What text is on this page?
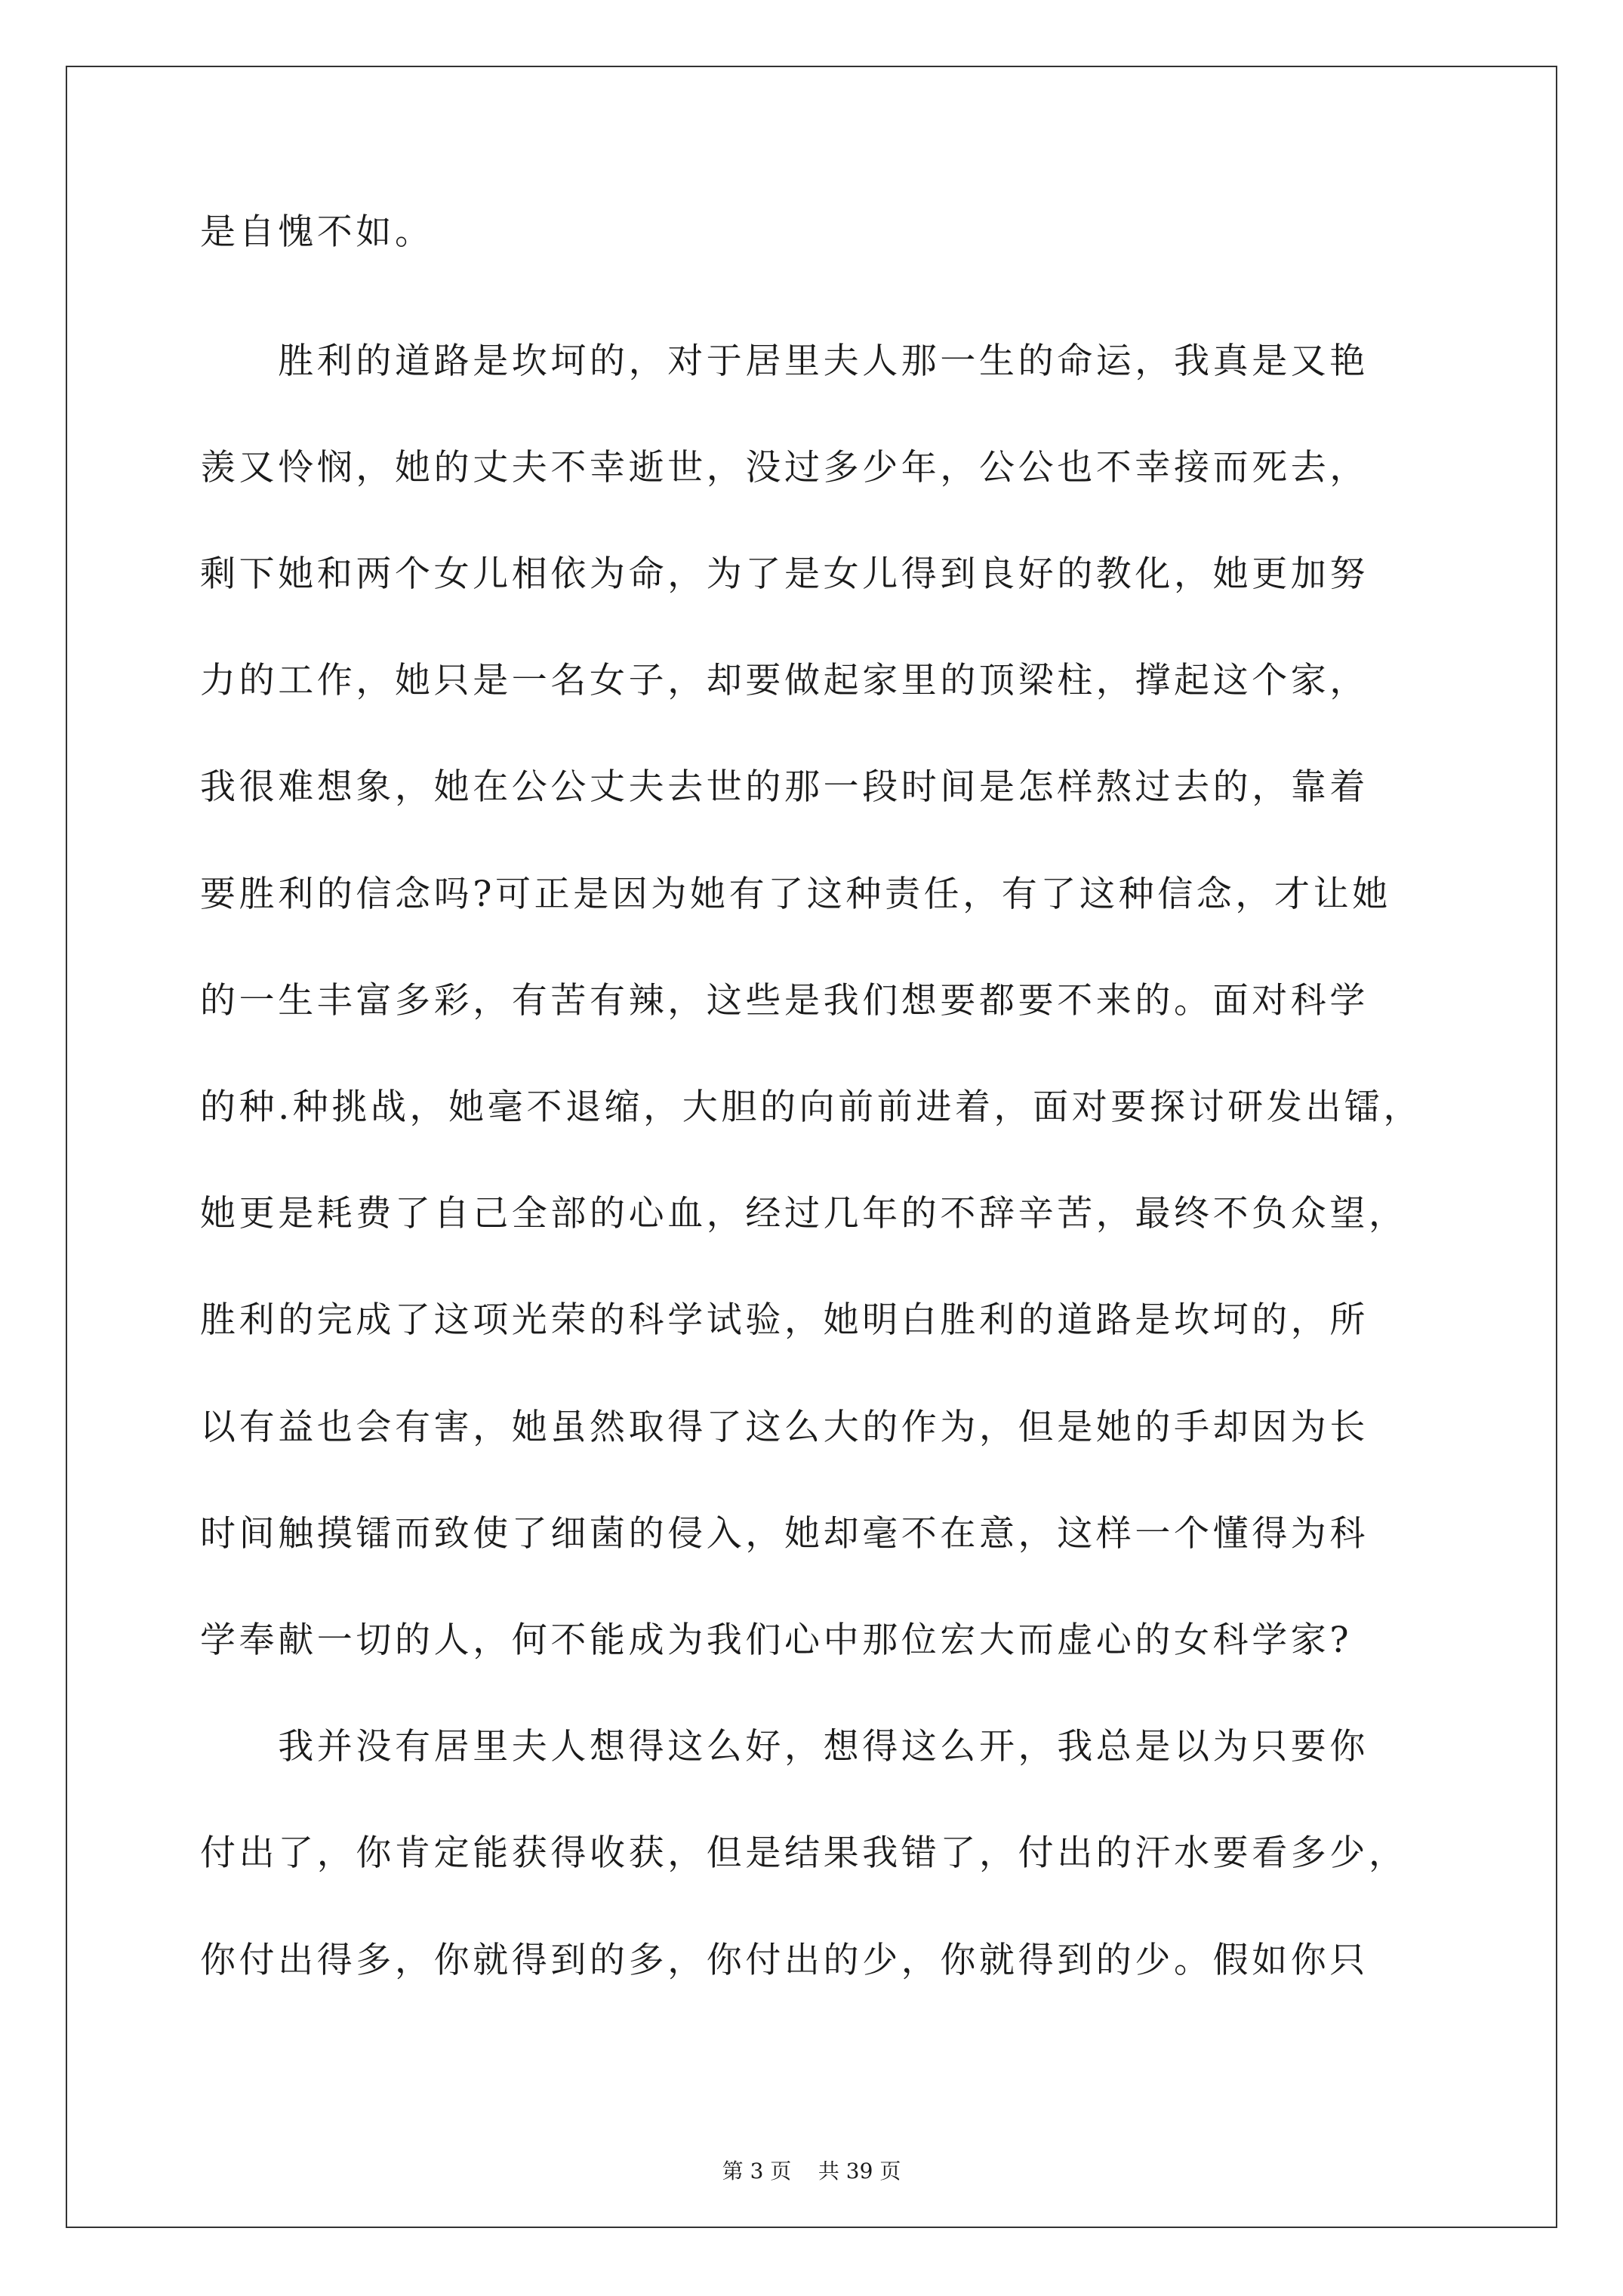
是自愧不如。
　　胜利的道路是坎坷的，对于居里夫人那一生的命运，我真是又艳
羡又怜悯，她的丈夫不幸逝世，没过多少年，公公也不幸接而死去，
剩下她和两个女儿相依为命，为了是女儿得到良好的教化，她更加努
力的工作，她只是一名女子，却要做起家里的顶梁柱，撑起这个家，
我很难想象，她在公公丈夫去世的那一段时间是怎样熬过去的，靠着
要胜利的信念吗?可正是因为她有了这种责任，有了这种信念，才让她
的一生丰富多彩，有苦有辣，这些是我们想要都要不来的。面对科学
的种.种挑战，她毫不退缩，大胆的向前前进着，面对要探讨研发出镭，
她更是耗费了自己全部的心血，经过几年的不辞辛苦，最终不负众望，
胜利的完成了这项光荣的科学试验，她明白胜利的道路是坎坷的，所
以有益也会有害，她虽然取得了这么大的作为，但是她的手却因为长
时间触摸镭而致使了细菌的侵入，她却毫不在意，这样一个懂得为科
学奉献一切的人，何不能成为我们心中那位宏大而虚心的女科学家?
　　我并没有居里夫人想得这么好，想得这么开，我总是以为只要你
付出了，你肯定能获得收获，但是结果我错了，付出的汗水要看多少，
你付出得多，你就得到的多，你付出的少，你就得到的少。假如你只
第 3 页    共 39 页
